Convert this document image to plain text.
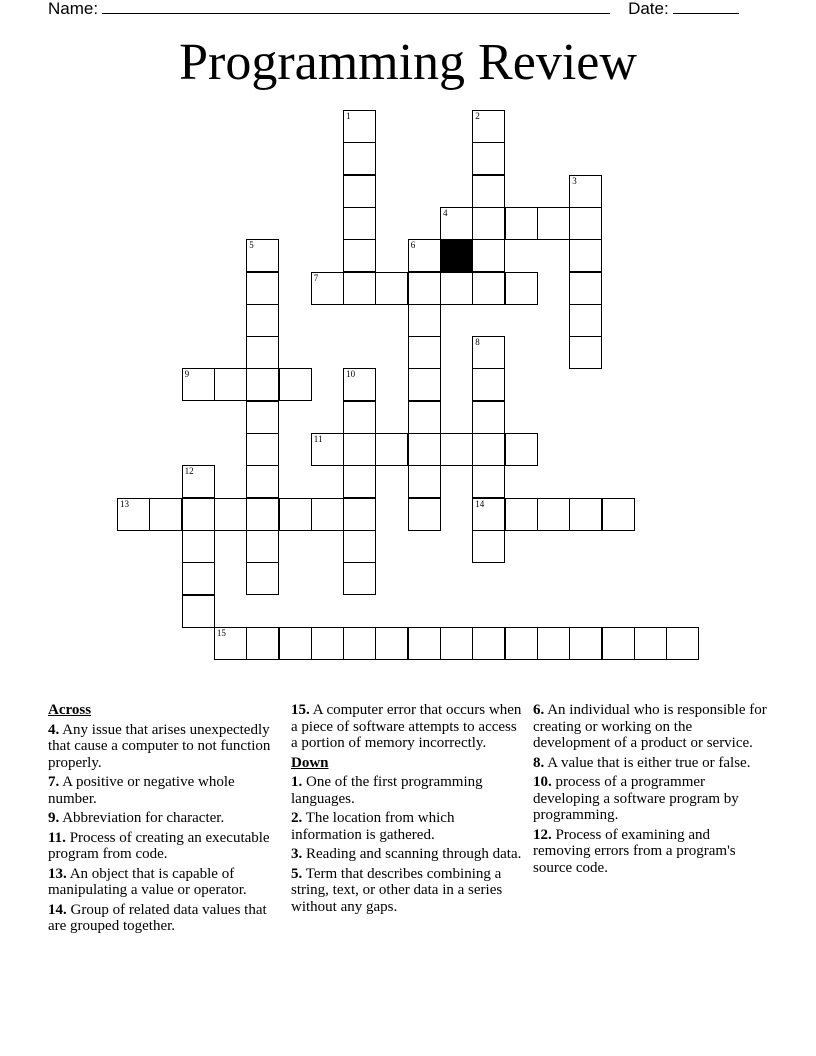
Name:	Date:
Programming Review
1	2
3
4
5	6
7
8
14
9	10
11
12
13
15
Across
4. Any issue that arises unexpectedly that cause a computer to not function properly.
7. A positive or negative whole number.
9. Abbreviation for character.
11. Process of creating an executable program from code.
13. An object that is capable of manipulating a value or operator.
14. Group of related data values that are grouped together.
15. A computer error that occurs when a piece of software attempts to access a portion of memory incorrectly.
Down
1. One of the first programming languages.
2. The location from which information is gathered.
3. Reading and scanning through data.
5. Term that describes combining a string, text, or other data in a series without any gaps.
6. An individual who is responsible for creating or working on the development of a product or service.
8. A value that is either true or false.
10. process of a programmer developing a software program by programming.
12. Process of examining and removing errors from a program's source code.
